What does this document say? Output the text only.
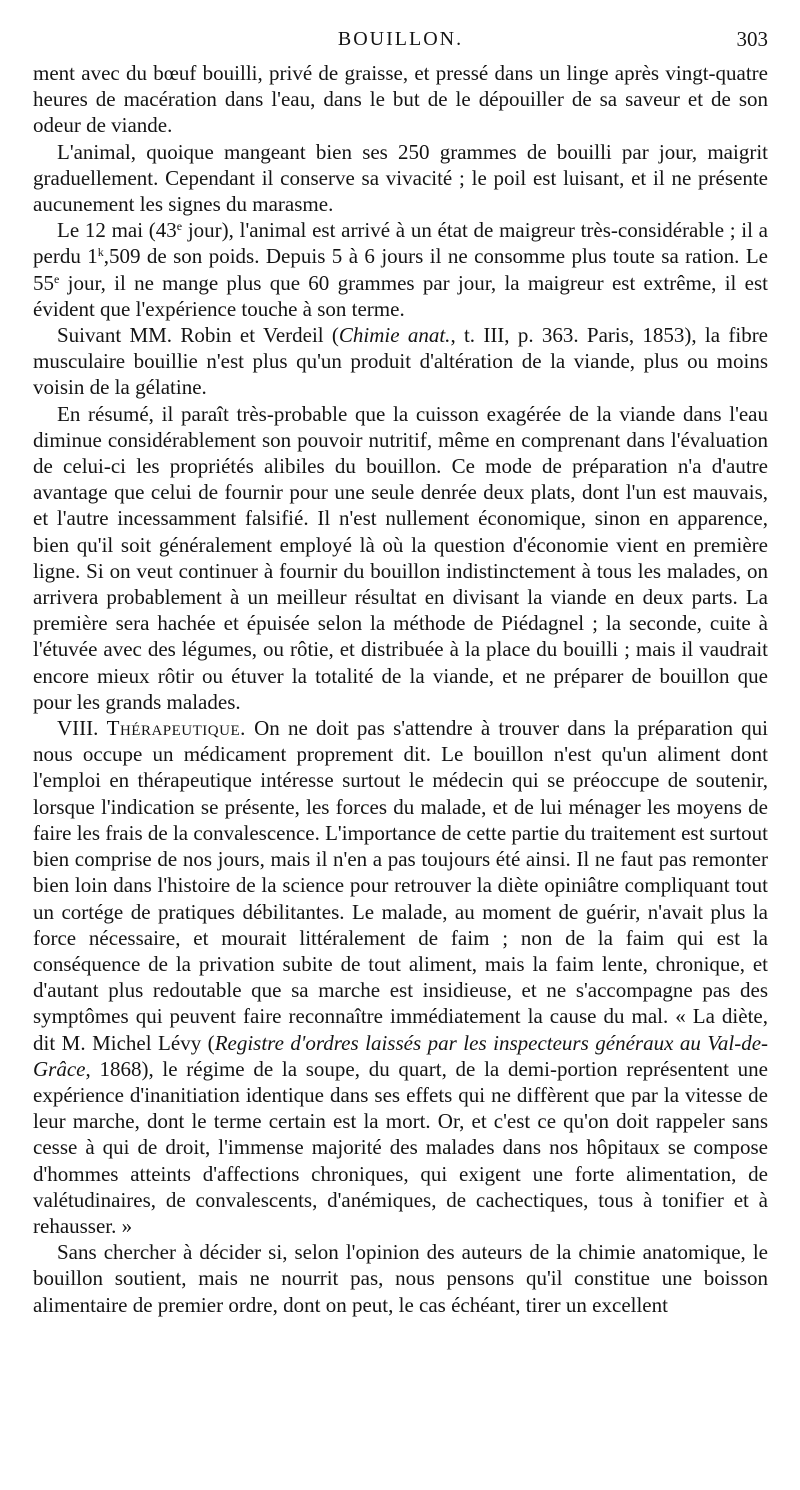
BOUILLON.	303

ment avec du bœuf bouilli, privé de graisse, et pressé dans un linge après vingt-quatre heures de macération dans l'eau, dans le but de le dépouiller de sa saveur et de son odeur de viande.

L'animal, quoique mangeant bien ses 250 grammes de bouilli par jour, maigrit graduellement. Cependant il conserve sa vivacité ; le poil est luisant, et il ne présente aucunement les signes du marasme.

Le 12 mai (43e jour), l'animal est arrivé à un état de maigreur très-considérable ; il a perdu 1$^k$,509 de son poids. Depuis 5 à 6 jours il ne consomme plus toute sa ration. Le 55e jour, il ne mange plus que 60 grammes par jour, la maigreur est extrême, il est évident que l'expérience touche à son terme.

Suivant MM. Robin et Verdeil (Chimie anat., t. III, p. 363. Paris, 1853), la fibre musculaire bouillie n'est plus qu'un produit d'altération de la viande, plus ou moins voisin de la gélatine.

En résumé, il paraît très-probable que la cuisson exagérée de la viande dans l'eau diminue considérablement son pouvoir nutritif, même en comprenant dans l'évaluation de celui-ci les propriétés alibiles du bouillon. Ce mode de préparation n'a d'autre avantage que celui de fournir pour une seule denrée deux plats, dont l'un est mauvais, et l'autre incessamment falsifié. Il n'est nullement économique, sinon en apparence, bien qu'il soit généralement employé là où la question d'économie vient en première ligne. Si on veut continuer à fournir du bouillon indistinctement à tous les malades, on arrivera probablement à un meilleur résultat en divisant la viande en deux parts. La première sera hachée et épuisée selon la méthode de Piédagnel ; la seconde, cuite à l'étuvée avec des légumes, ou rôtie, et distribuée à la place du bouilli ; mais il vaudrait encore mieux rôtir ou étuver la totalité de la viande, et ne préparer de bouillon que pour les grands malades.

VIII. Thérapeutique. On ne doit pas s'attendre à trouver dans la préparation qui nous occupe un médicament proprement dit. Le bouillon n'est qu'un aliment dont l'emploi en thérapeutique intéresse surtout le médecin qui se préoccupe de soutenir, lorsque l'indication se présente, les forces du malade, et de lui ménager les moyens de faire les frais de la convalescence. L'importance de cette partie du traitement est surtout bien comprise de nos jours, mais il n'en a pas toujours été ainsi. Il ne faut pas remonter bien loin dans l'histoire de la science pour retrouver la diète opiniâtre compliquant tout un cortége de pratiques débilitantes. Le malade, au moment de guérir, n'avait plus la force nécessaire, et mourait littéralement de faim ; non de la faim qui est la conséquence de la privation subite de tout aliment, mais la faim lente, chronique, et d'autant plus redoutable que sa marche est insidieuse, et ne s'accompagne pas des symptômes qui peuvent faire reconnaître immédiatement la cause du mal. « La diète, dit M. Michel Lévy (Registre d'ordres laissés par les inspecteurs généraux au Val-de-Grâce, 1868), le régime de la soupe, du quart, de la demi-portion représentent une expérience d'inanitiation identique dans ses effets qui ne diffèrent que par la vitesse de leur marche, dont le terme certain est la mort. Or, et c'est ce qu'on doit rappeler sans cesse à qui de droit, l'immense majorité des malades dans nos hôpitaux se compose d'hommes atteints d'affections chroniques, qui exigent une forte alimentation, de valétudinaires, de convalescents, d'anémiques, de cachectiques, tous à tonifier et à rehausser. »

Sans chercher à décider si, selon l'opinion des auteurs de la chimie anatomique, le bouillon soutient, mais ne nourrit pas, nous pensons qu'il constitue une boisson alimentaire de premier ordre, dont on peut, le cas échéant, tirer un excellent
